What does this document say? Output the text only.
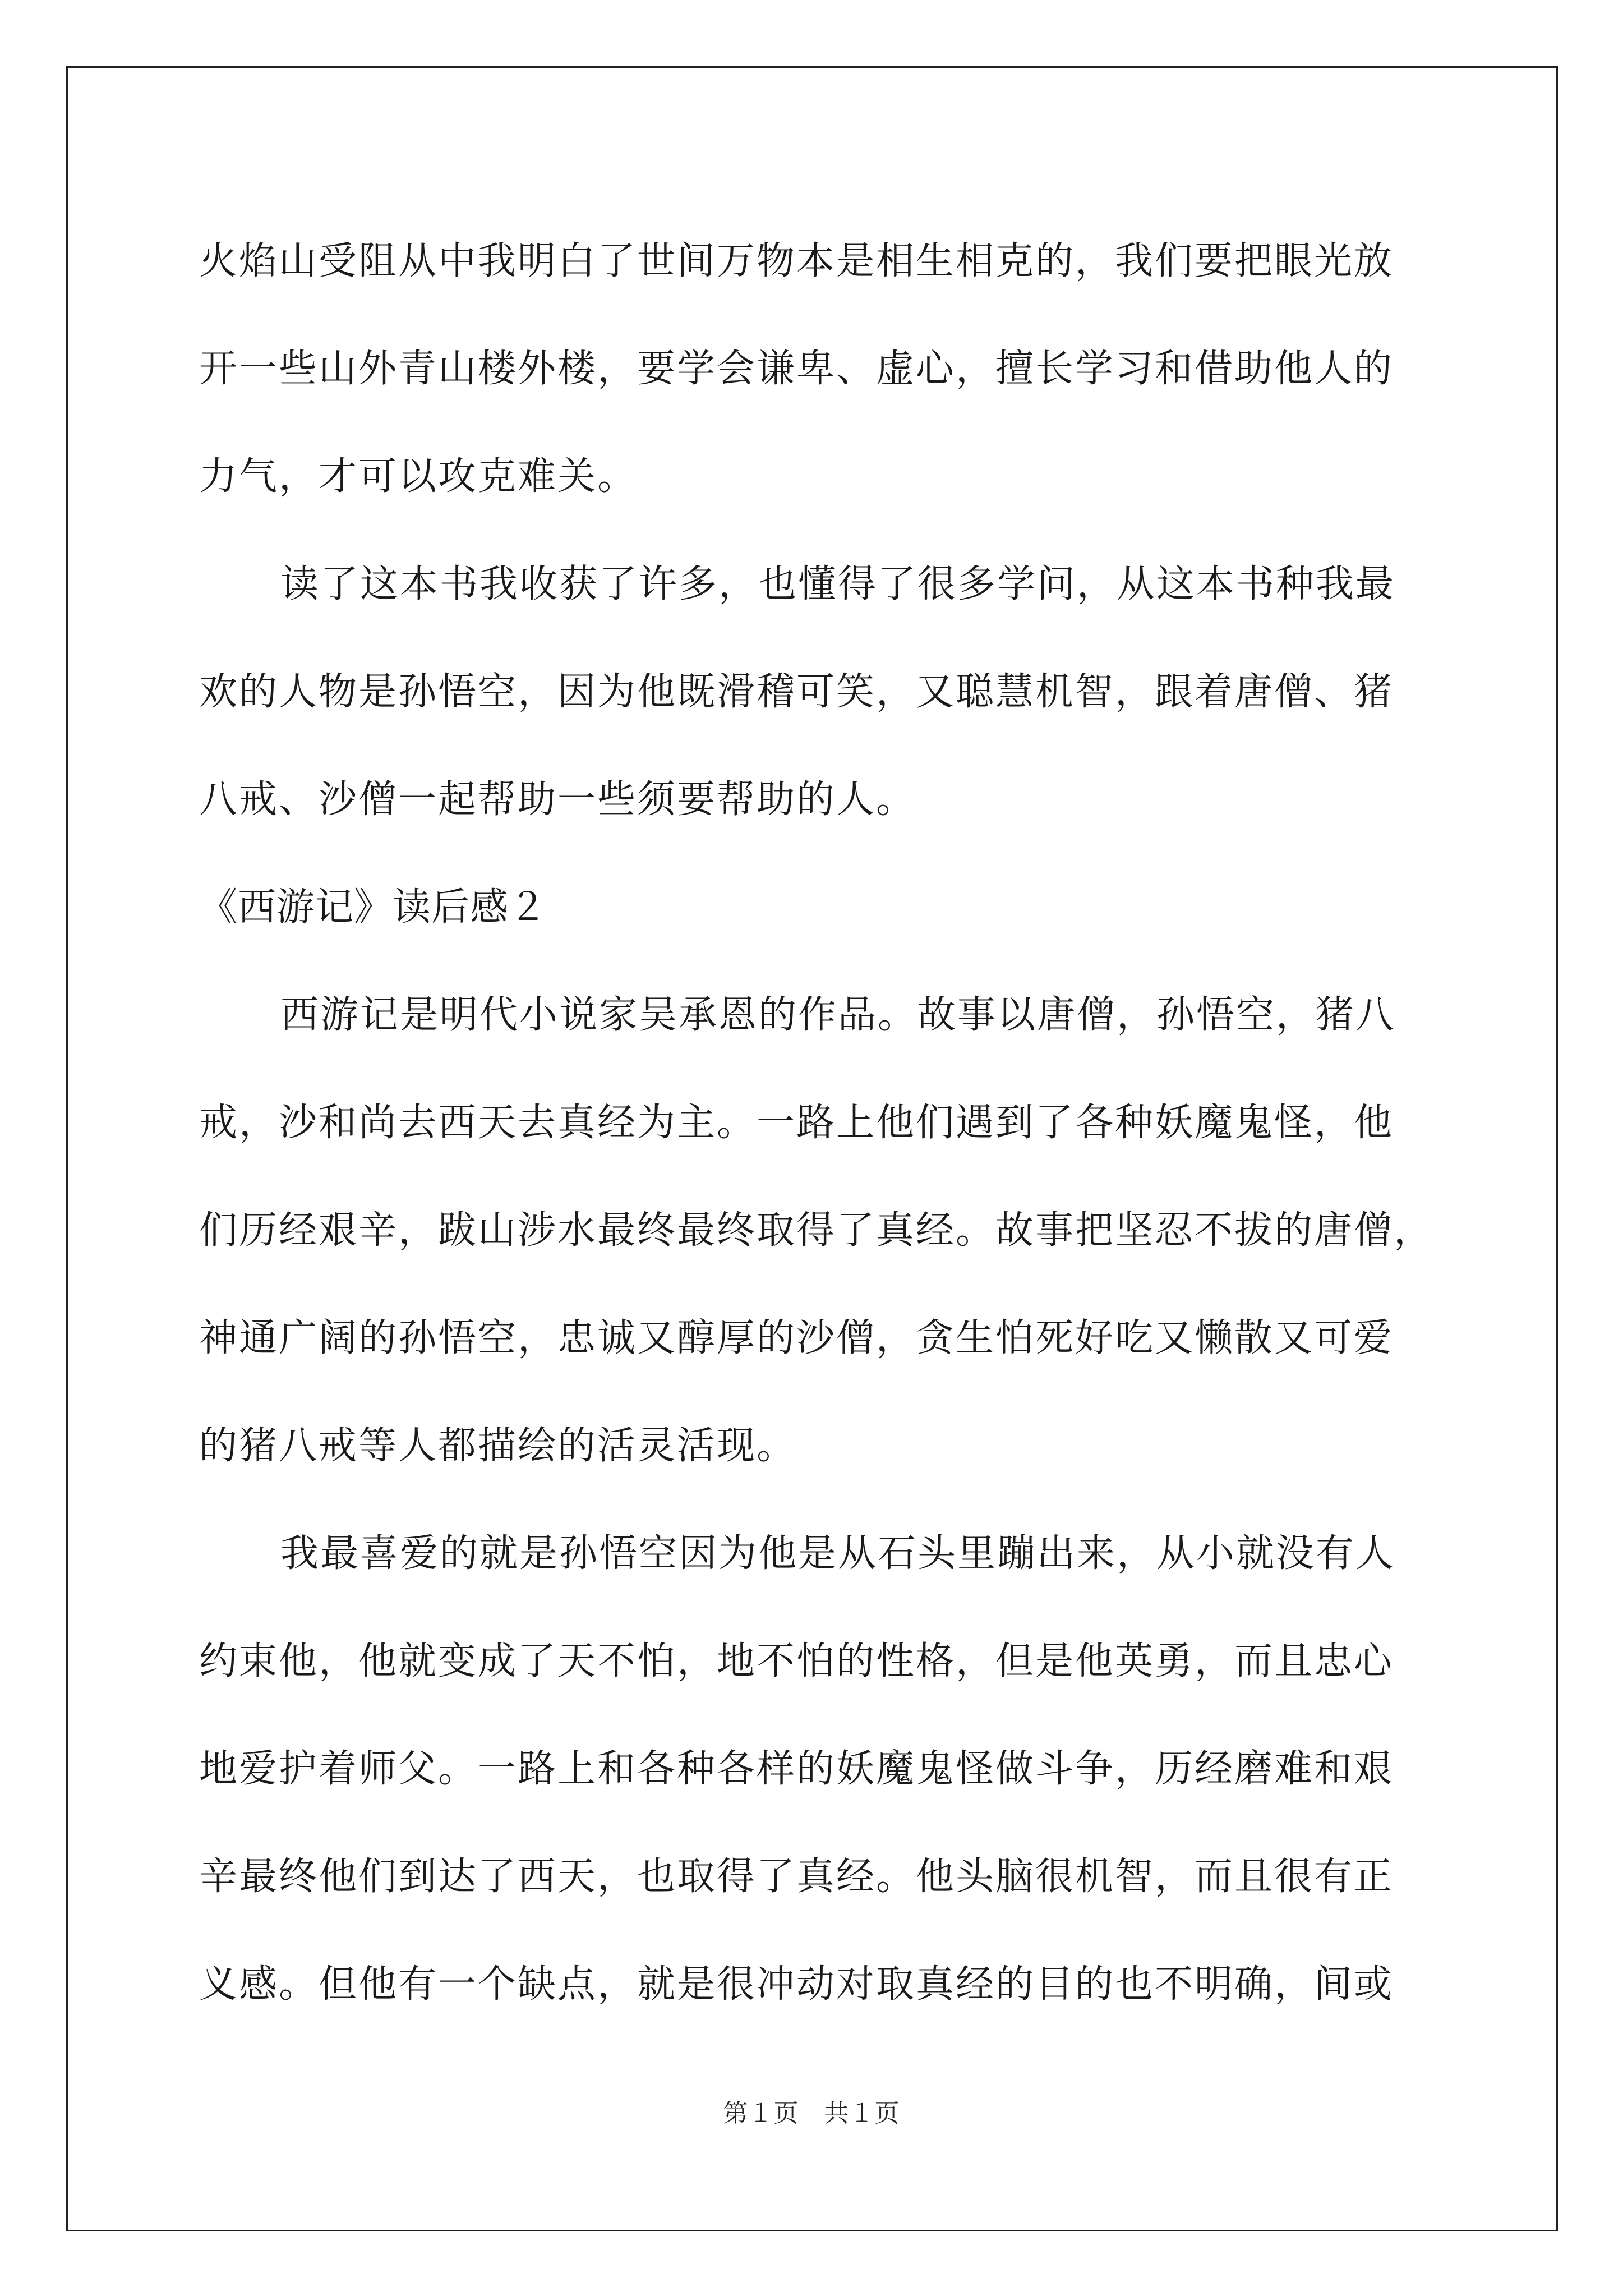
火焰山受阻从中我明白了世间万物本是相生相克的，我们要把眼光放
开一些山外青山楼外楼，要学会谦卑、虚心，擅长学习和借助他人的
力气，才可以攻克难关。
读了这本书我收获了许多，也懂得了很多学问，从这本书种我最
欢的人物是孙悟空，因为他既滑稽可笑，又聪慧机智，跟着唐僧、猪
八戒、沙僧一起帮助一些须要帮助的人。
《西游记》读后感２
西游记是明代小说家吴承恩的作品。故事以唐僧，孙悟空，猪八
戒，沙和尚去西天去真经为主。一路上他们遇到了各种妖魔鬼怪，他
们历经艰辛，跋山涉水最终最终取得了真经。故事把坚忍不拔的唐僧，
神通广阔的孙悟空，忠诚又醇厚的沙僧，贪生怕死好吃又懒散又可爱
的猪八戒等人都描绘的活灵活现。
我最喜爱的就是孙悟空因为他是从石头里蹦出来，从小就没有人
约束他，他就变成了天不怕，地不怕的性格，但是他英勇，而且忠心
地爱护着师父。一路上和各种各样的妖魔鬼怪做斗争，历经磨难和艰
辛最终他们到达了西天，也取得了真经。他头脑很机智，而且很有正
义感。但他有一个缺点，就是很冲动对取真经的目的也不明确，间或
第１页　共１页
